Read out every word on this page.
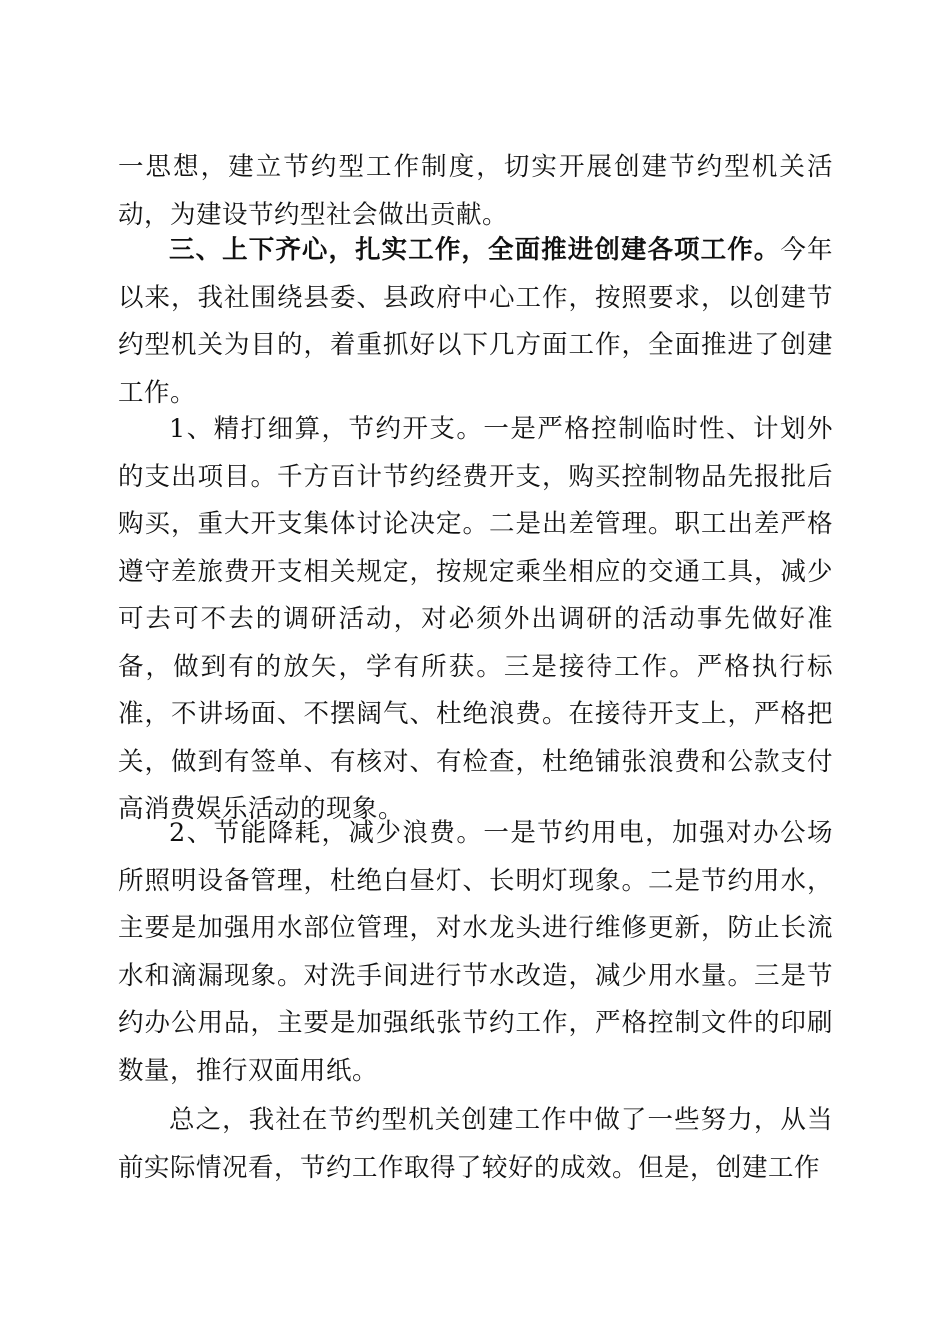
一思想，建立节约型工作制度，切实开展创建节约型机关活动，为建设节约型社会做出贡献。

三、上下齐心，扎实工作，全面推进创建各项工作。今年以来，我社围绕县委、县政府中心工作，按照要求，以创建节约型机关为目的，着重抓好以下几方面工作，全面推进了创建工作。

1、精打细算，节约开支。一是严格控制临时性、计划外的支出项目。千方百计节约经费开支，购买控制物品先报批后购买，重大开支集体讨论决定。二是出差管理。职工出差严格遵守差旅费开支相关规定，按规定乘坐相应的交通工具，减少可去可不去的调研活动，对必须外出调研的活动事先做好准备，做到有的放矢，学有所获。三是接待工作。严格执行标准，不讲场面、不摆阔气、杜绝浪费。在接待开支上，严格把关，做到有签单、有核对、有检查，杜绝铺张浪费和公款支付高消费娱乐活动的现象。

2、节能降耗，减少浪费。一是节约用电，加强对办公场所照明设备管理，杜绝白昼灯、长明灯现象。二是节约用水，主要是加强用水部位管理，对水龙头进行维修更新，防止长流水和滴漏现象。对洗手间进行节水改造，减少用水量。三是节约办公用品，主要是加强纸张节约工作，严格控制文件的印刷数量，推行双面用纸。

总之，我社在节约型机关创建工作中做了一些努力，从当前实际情况看，节约工作取得了较好的成效。但是，创建工作
